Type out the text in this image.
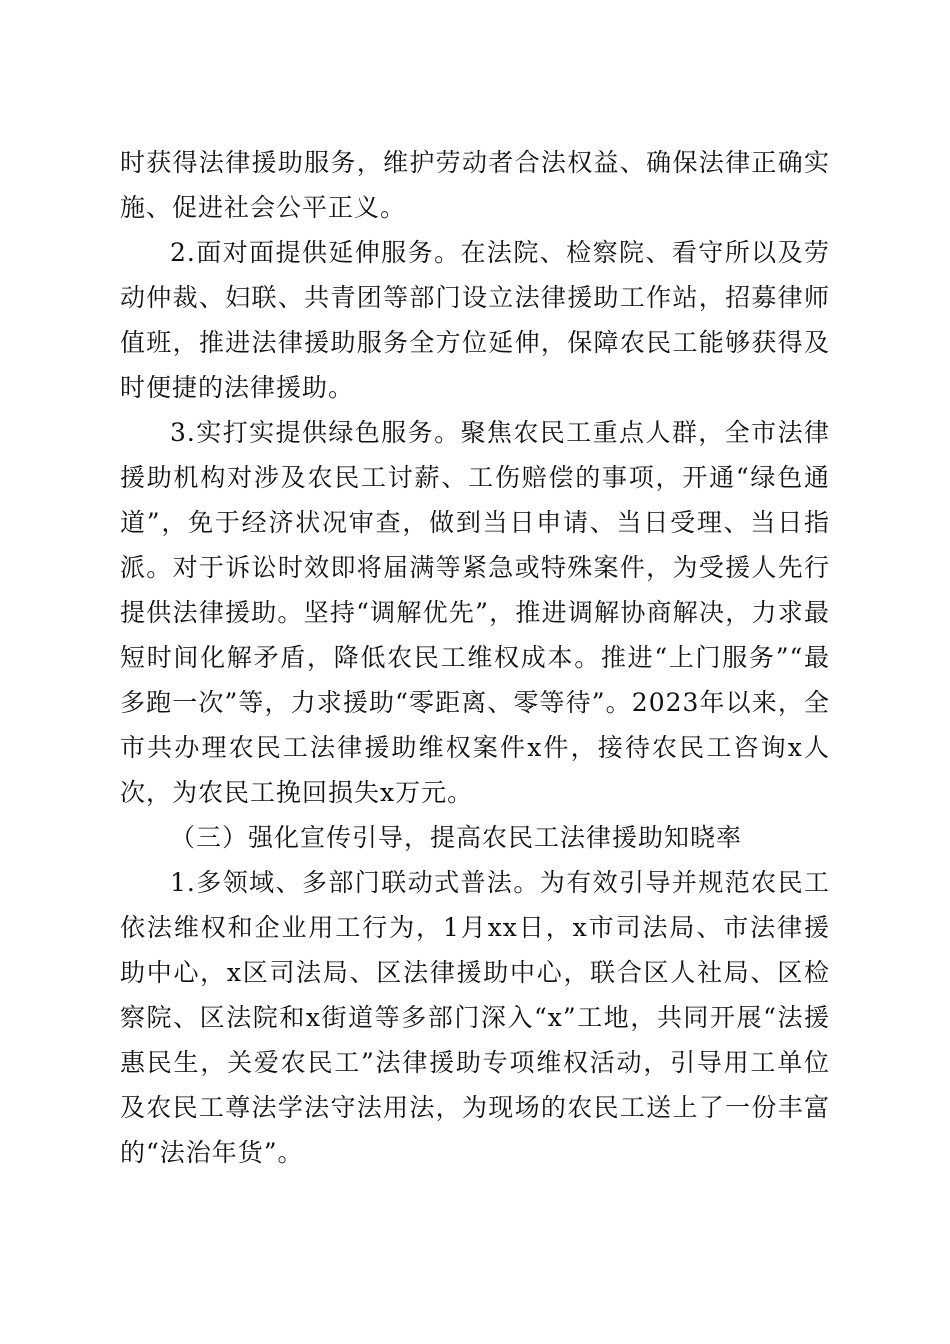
时获得法律援助服务，维护劳动者合法权益、确保法律正确实施、促进社会公平正义。

2.面对面提供延伸服务。在法院、检察院、看守所以及劳动仲裁、妇联、共青团等部门设立法律援助工作站，招募律师值班，推进法律援助服务全方位延伸，保障农民工能够获得及时便捷的法律援助。

3.实打实提供绿色服务。聚焦农民工重点人群，全市法律援助机构对涉及农民工讨薪、工伤赔偿的事项，开通“绿色通道”，免于经济状况审查，做到当日申请、当日受理、当日指派。对于诉讼时效即将届满等紧急或特殊案件，为受援人先行提供法律援助。坚持“调解优先”，推进调解协商解决，力求最短时间化解矛盾，降低农民工维权成本。推进“上门服务”“最多跑一次”等，力求援助“零距离、零等待”。2023年以来，全市共办理农民工法律援助维权案件x件，接待农民工咨询x人次，为农民工挽回损失x万元。

（三）强化宣传引导，提高农民工法律援助知晓率

1.多领域、多部门联动式普法。为有效引导并规范农民工依法维权和企业用工行为，1月xx日，x市司法局、市法律援助中心，x区司法局、区法律援助中心，联合区人社局、区检察院、区法院和x街道等多部门深入“x”工地，共同开展“法援惠民生，关爱农民工”法律援助专项维权活动，引导用工单位及农民工尊法学法守法用法，为现场的农民工送上了一份丰富的“法治年货”。
